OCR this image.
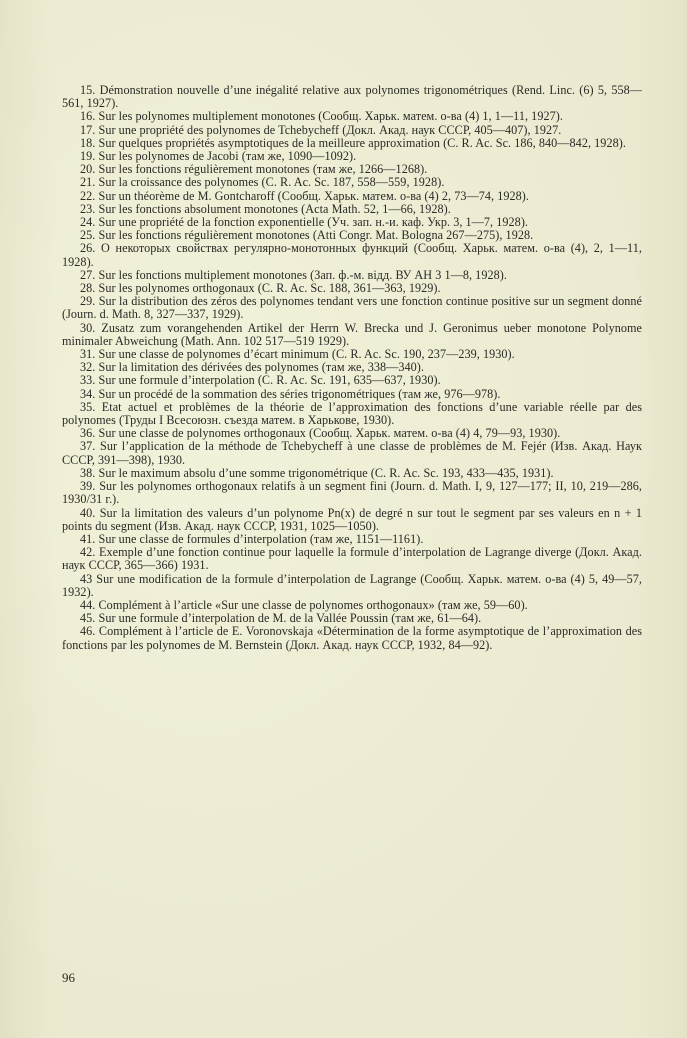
15. Démonstration nouvelle d’une inégalité relative aux polynomes trigonométriques (Rend. Linc. (6) 5, 558—561, 1927).

16. Sur les polynomes multiplement monotones (Сообщ. Харьк. матем. о-ва (4) 1, 1—11, 1927).

17. Sur une propriété des polynomes de Tchebycheff (Докл. Акад. наук СССР, 405—407), 1927.

18. Sur quelques propriétés asymptotiques de la meilleure approximation (C. R. Ac. Sc. 186, 840—842, 1928).

19. Sur les polynomes de Jacobi (там же, 1090—1092).

20. Sur les fonctions régulièrement monotones (там же, 1266—1268).

21. Sur la croissance des polynomes (C. R. Ac. Sc. 187, 558—559, 1928).

22. Sur un théorème de M. Gontcharoff (Сообщ. Харьк. матем. о-ва (4) 2, 73—74, 1928).

23. Sur les fonctions absolument monotones (Acta Math. 52, 1—66, 1928).

24. Sur une propriété de la fonction exponentielle (Уч. зап. н.-и. каф. Укр. 3, 1—7, 1928).

25. Sur les fonctions régulièrement monotones (Atti Congr. Mat. Bologna 267—275), 1928.

26. О некоторых свойствах регулярно-монотонных функций (Сообщ. Харьк. матем. о-ва (4), 2, 1—11, 1928).

27. Sur les fonctions multiplement monotones (Зап. ф.-м. відд. ВУ АН 3 1—8, 1928).

28. Sur les polynomes orthogonaux (C. R. Ac. Sc. 188, 361—363, 1929).

29. Sur la distribution des zéros des polynomes tendant vers une fonction continue positive sur un segment donné (Journ. d. Math. 8, 327—337, 1929).

30. Zusatz zum vorangehenden Artikel der Herrn W. Brecka und J. Geronimus ueber monotone Polynome minimaler Abweichung (Math. Ann. 102 517—519 1929).

31. Sur une classe de polynomes d’écart minimum (C. R. Ac. Sc. 190, 237—239, 1930).

32. Sur la limitation des dérivées des polynomes (там же, 338—340).

33. Sur une formule d’interpolation (C. R. Ac. Sc. 191, 635—637, 1930).

34. Sur un procédé de la sommation des séries trigonométriques (там же, 976—978).

35. Etat actuel et problèmes de la théorie de l’approximation des fonctions d’une variable réelle par des polynomes (Труды I Всесоюзн. съезда матем. в Харькове, 1930).

36. Sur une classe de polynomes orthogonaux (Сообщ. Харьк. матем. о-ва (4) 4, 79—93, 1930).

37. Sur l’application de la méthode de Tchebycheff à une classe de problèmes de M. Fejér (Изв. Акад. Наук СССР, 391—398), 1930.

38. Sur le maximum absolu d’une somme trigonométrique (C. R. Ac. Sc. 193, 433—435, 1931).

39. Sur les polynomes orthogonaux relatifs à un segment fini (Journ. d. Math. I, 9, 127—177; II, 10, 219—286, 1930/31 г.).

40. Sur la limitation des valeurs d’un polynome Pn(x) de degré n sur tout le segment par ses valeurs en n + 1 points du segment (Изв. Акад. наук СССР, 1931, 1025—1050).

41. Sur une classe de formules d’interpolation (там же, 1151—1161).

42. Exemple d’une fonction continue pour laquelle la formule d’interpolation de Lagrange diverge (Докл. Акад. наук СССР, 365—366) 1931.

43 Sur une modification de la formule d’interpolation de Lagrange (Сообщ. Харьк. матем. о-ва (4) 5, 49—57, 1932).

44. Complément à l’article «Sur une classe de polynomes orthogonaux» (там же, 59—60).

45. Sur une formule d’interpolation de M. de la Vallée Poussin (там же, 61—64).

46. Complément à l’article de E. Voronovskaja «Détermination de la forme asymptotique de l’approximation des fonctions par les polynomes de M. Bernstein (Докл. Акад. наук СССР, 1932, 84—92).

96
